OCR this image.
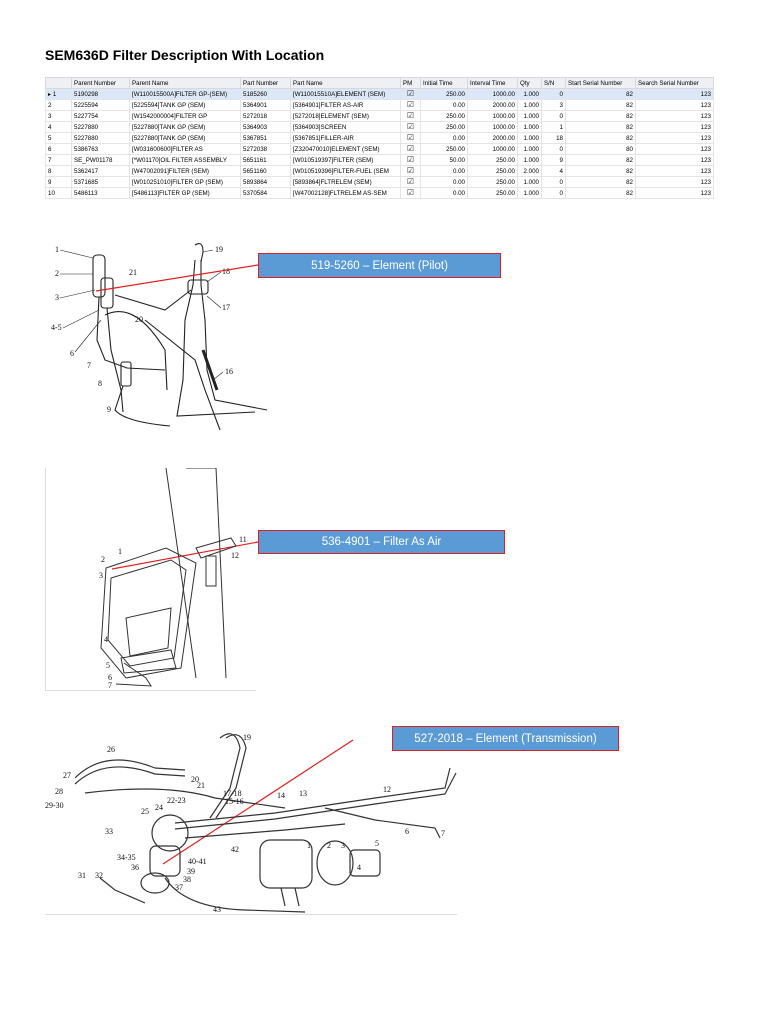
SEM636D Filter Description With Location
	Parent Number	Parent Name	Part Number	Part Name	PM	Initial Time	Interval Time	Qty	S/N	Start Serial Number	Search Serial Number
▸ 1	5190298	[W110015500A]FILTER GP-(SEM)	5185260	[W110015510A]ELEMENT (SEM)	☑	250.00	1000.00	1.000	0	82	123
2	5225594	[5225594]TANK GP (SEM)	5364901	[5364901]FILTER AS-AIR	☑	0.00	2000.00	1.000	3	82	123
3	5227754	[W1542000004]FILTER GP	5272018	[5272018]ELEMENT (SEM)	☑	250.00	1000.00	1.000	0	82	123
4	5227880	[5227880]TANK GP (SEM)	5364903	[5364903]SCREEN	☑	250.00	1000.00	1.000	1	82	123
5	5227880	[5227880]TANK GP (SEM)	5367851	[5367851]FILLER-AIR	☑	0.00	2000.00	1.000	18	82	123
6	5386763	[W031600600]FILTER AS	5272038	[Z320470010]ELEMENT (SEM)	☑	250.00	1000.00	1.000	0	80	123
7	SE_PW01178	[*W01170]OIL FILTER ASSEMBLY	5651161	[W010519397]FILTER (SEM)	☑	50.00	250.00	1.000	9	82	123
8	5362417	[W47002091]FILTER (SEM)	5651160	[W010519396]FILTER-FUEL (SEM	☑	0.00	250.00	2.000	4	82	123
9	5371685	[W010251010]FILTER GP (SEM)	5893864	[5893864]FLTRELEM (SEM)	☑	0.00	250.00	1.000	0	82	123
10	5486113	[5486113]FILTER GP (SEM)	5370584	[W47002128]FLTRELEM AS-SEM	☑	0.00	250.00	1.000	0	82	123
1
2
3
4-5
6
7
8
9
20
21
19
18
17
16
519-5260 – Element (Pilot)
1
2
3
4
5
6
7
11
12
536-4901 – Filter As Air
19
26
27
28
29-30
25 24
22-23
21
20
17-18
15-16
14 13	12
6	7
33
34-35
36
37
38
39
40-41
42	1 2 3
4
5
31 32
43
527-2018 – Element (Transmission)
